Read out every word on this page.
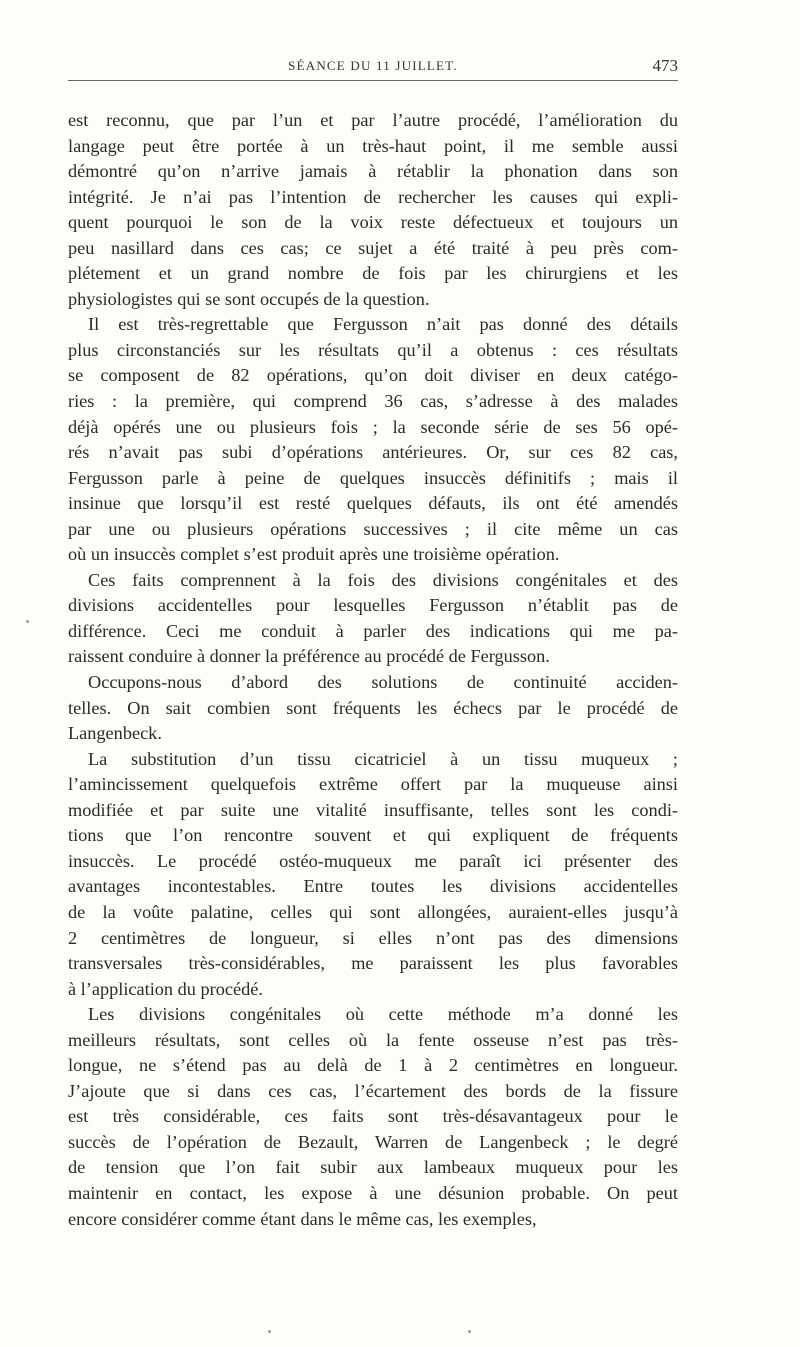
SÉANCE DU 11 JUILLET.	473
est reconnu, que par l’un et par l’autre procédé, l’amélioration du
langage peut être portée à un très-haut point, il me semble aussi
démontré qu’on n’arrive jamais à rétablir la phonation dans son
intégrité. Je n’ai pas l’intention de rechercher les causes qui expli-
quent pourquoi le son de la voix reste défectueux et toujours un
peu nasillard dans ces cas; ce sujet a été traité à peu près com-
plétement et un grand nombre de fois par les chirurgiens et les
physiologistes qui se sont occupés de la question.
Il est très-regrettable que Fergusson n’ait pas donné des détails
plus circonstanciés sur les résultats qu’il a obtenus : ces résultats
se composent de 82 opérations, qu’on doit diviser en deux catégo-
ries : la première, qui comprend 36 cas, s’adresse à des malades
déjà opérés une ou plusieurs fois ; la seconde série de ses 56 opé-
rés n’avait pas subi d’opérations antérieures. Or, sur ces 82 cas,
Fergusson parle à peine de quelques insuccès définitifs ; mais il
insinue que lorsqu’il est resté quelques défauts, ils ont été amendés
par une ou plusieurs opérations successives ; il cite même un cas
où un insuccès complet s’est produit après une troisième opération.
Ces faits comprennent à la fois des divisions congénitales et des
divisions accidentelles pour lesquelles Fergusson n’établit pas de
différence. Ceci me conduit à parler des indications qui me pa-
raissent conduire à donner la préférence au procédé de Fergusson.
Occupons-nous d’abord des solutions de continuité acciden-
telles. On sait combien sont fréquents les échecs par le procédé de
Langenbeck.
La substitution d’un tissu cicatriciel à un tissu muqueux ;
l’amincissement quelquefois extrême offert par la muqueuse ainsi
modifiée et par suite une vitalité insuffisante, telles sont les condi-
tions que l’on rencontre souvent et qui expliquent de fréquents
insuccès. Le procédé ostéo-muqueux me paraît ici présenter des
avantages incontestables. Entre toutes les divisions accidentelles
de la voûte palatine, celles qui sont allongées, auraient-elles jusqu’à
2 centimètres de longueur, si elles n’ont pas des dimensions
transversales très-considérables, me paraissent les plus favorables
à l’application du procédé.
Les divisions congénitales où cette méthode m’a donné les
meilleurs résultats, sont celles où la fente osseuse n’est pas très-
longue, ne s’étend pas au delà de 1 à 2 centimètres en longueur.
J’ajoute que si dans ces cas, l’écartement des bords de la fissure
est très considérable, ces faits sont très-désavantageux pour le
succès de l’opération de Bezault, Warren de Langenbeck ; le degré
de tension que l’on fait subir aux lambeaux muqueux pour les
maintenir en contact, les expose à une désunion probable. On peut
encore considérer comme étant dans le même cas, les exemples,
